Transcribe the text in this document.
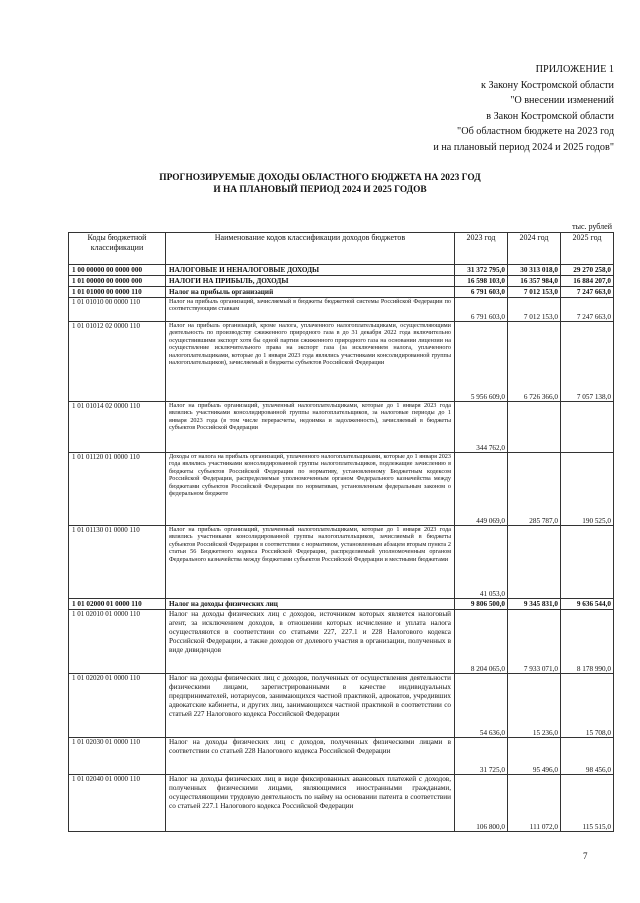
ПРИЛОЖЕНИЕ 1
к Закону Костромской области
"О внесении изменений
в Закон Костромской области
"Об областном бюджете на 2023 год
и на плановый период 2024 и 2025 годов"
ПРОГНОЗИРУЕМЫЕ ДОХОДЫ ОБЛАСТНОГО БЮДЖЕТА НА 2023 ГОД
И НА ПЛАНОВЫЙ ПЕРИОД 2024 И 2025 ГОДОВ
тыс. рублей
Коды бюджетной классификации	Наименование кодов классификации доходов бюджетов	2023 год	2024 год	2025 год
1 00 00000 00 0000 000	НАЛОГОВЫЕ И НЕНАЛОГОВЫЕ ДОХОДЫ	31 372 795,0	30 313 018,0	29 270 258,0
1 01 00000 00 0000 000	НАЛОГИ НА ПРИБЫЛЬ, ДОХОДЫ	16 598 103,0	16 357 984,0	16 884 207,0
1 01 01000 00 0000 110	Налог на прибыль организаций	6 791 603,0	7 012 153,0	7 247 663,0
1 01 01010 00 0000 110	Налог на прибыль организаций, зачисляемый в бюджеты бюджетной системы Российской Федерации по соответствующим ставкам	6 791 603,0	7 012 153,0	7 247 663,0
1 01 01012 02 0000 110	Налог на прибыль организаций, кроме налога, уплаченного налогоплательщиками, осуществляющими деятельность по производству сжиженного природного газа в до 31 декабря 2022 года включительно осуществившими экспорт хотя бы одной партии сжиженного природного газа на основании лицензии на осуществление исключительного права на экспорт газа (за исключением налога, уплаченного налогоплательщиками, которые до 1 января 2023 года являлись участниками консолидированной группы налогоплательщиков), зачисляемый в бюджеты субъектов Российской Федерации	5 956 609,0	6 726 366,0	7 057 138,0
1 01 01014 02 0000 110	Налог на прибыль организаций, уплаченный налогоплательщиками, которые до 1 января 2023 года являлись участниками консолидированной группы налогоплательщиков, за налоговые периоды до 1 января 2023 года (в том числе перерасчеты, недоимка и задолженность), зачисляемый в бюджеты субъектов Российской Федерации	344 762,0		
1 01 01120 01 0000 110	Доходы от налога на прибыль организаций, уплаченного налогоплательщиками, которые до 1 января 2023 года являлись участниками консолидированной группы налогоплательщиков, подлежащие зачислению в бюджеты субъектов Российской Федерации по нормативу, установленному Бюджетным кодексом Российской Федерации, распределяемые уполномоченным органом Федерального казначейства между бюджетами субъектов Российской Федерации по нормативам, установленным федеральным законом о федеральном бюджете	449 069,0	285 787,0	190 525,0
1 01 01130 01 0000 110	Налог на прибыль организаций, уплаченный налогоплательщиками, которые до 1 января 2023 года являлись участниками консолидированной группы налогоплательщиков, зачисляемый в бюджеты субъектов Российской Федерации в соответствии с нормативом, установленным абзацем вторым пункта 2 статьи 56 Бюджетного кодекса Российской Федерации, распределяемый уполномоченным органом Федерального казначейства между бюджетами субъектов Российской Федерации и местными бюджетами	41 053,0		
1 01 02000 01 0000 110	Налог на доходы физических лиц	9 806 500,0	9 345 831,0	9 636 544,0
1 01 02010 01 0000 110	Налог на доходы физических лиц с доходов, источником которых является налоговый агент, за исключением доходов, в отношении которых исчисление и уплата налога осуществляются в соответствии со статьями 227, 227.1 и 228 Налогового кодекса Российской Федерации, а также доходов от долевого участия в организации, полученных в виде дивидендов	8 204 065,0	7 933 071,0	8 178 990,0
1 01 02020 01 0000 110	Налог на доходы физических лиц с доходов, полученных от осуществления деятельности физическими лицами, зарегистрированными в качестве индивидуальных предпринимателей, нотариусов, занимающихся частной практикой, адвокатов, учредивших адвокатские кабинеты, и других лиц, занимающихся частной практикой в соответствии со статьей 227 Налогового кодекса Российской Федерации	54 636,0	15 236,0	15 708,0
1 01 02030 01 0000 110	Налог на доходы физических лиц с доходов, полученных физическими лицами в соответствии со статьей 228 Налогового кодекса Российской Федерации	31 725,0	95 496,0	98 456,0
1 01 02040 01 0000 110	Налог на доходы физических лиц в виде фиксированных авансовых платежей с доходов, полученных физическими лицами, являющимися иностранными гражданами, осуществляющими трудовую деятельность по найму на основании патента в соответствии со статьей 227.1 Налогового кодекса Российской Федерации	106 800,0	111 072,0	115 515,0
7
